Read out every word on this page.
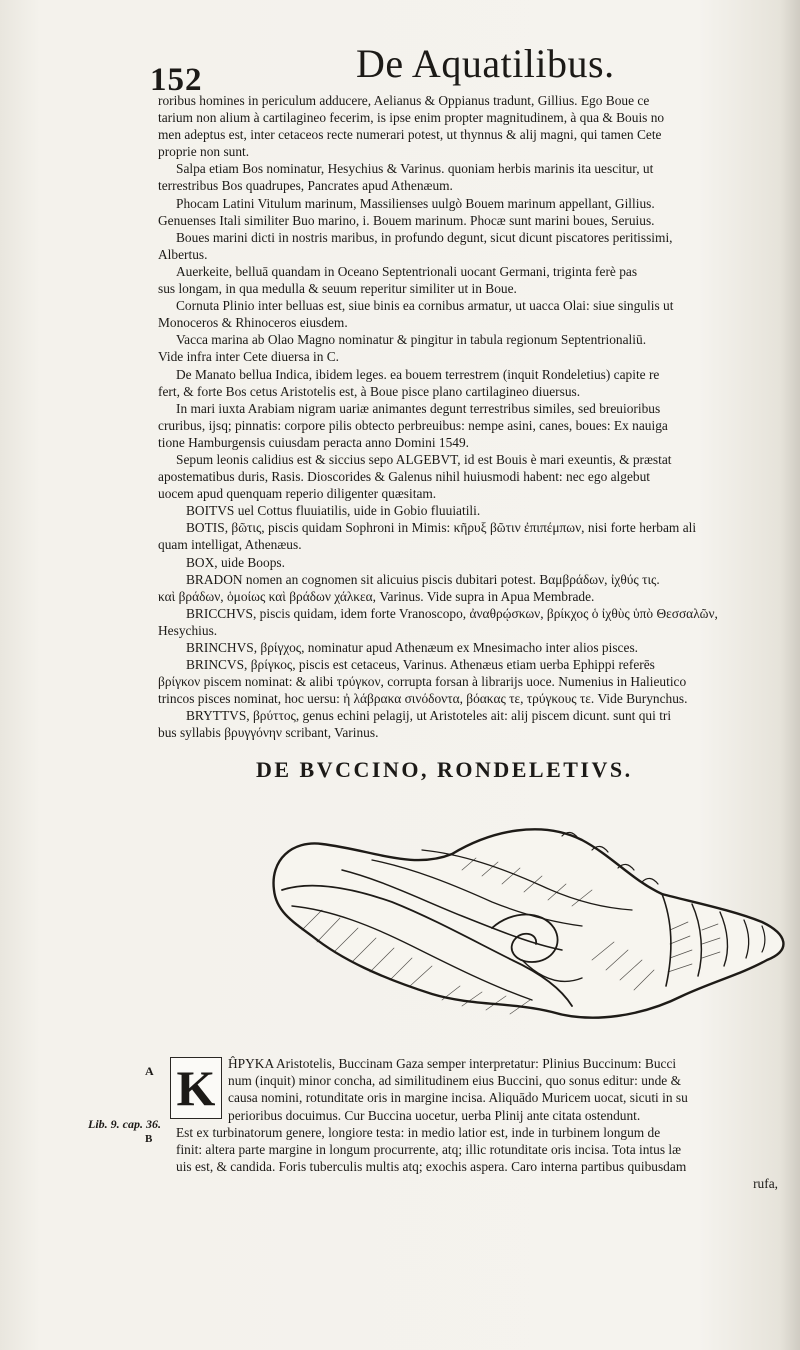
152	De Aquatilibus.
roribus homines in periculum adducere, Aelianus & Oppianus tradunt, Gillius. Ego Boue ce
tarium non alium à cartilagineo fecerim, is ipse enim propter magnitudinem, à qua & Bouis no
men adeptus est, inter cetaceos recte numerari potest, ut thynnus & alij magni, qui tamen Cete
proprie non sunt.
Salpa etiam Bos nominatur, Hesychius & Varinus. quoniam herbis marinis ita uescitur, ut
terrestribus Bos quadrupes, Pancrates apud Athenæum.
Phocam Latini Vitulum marinum, Massilienses uulgò Bouem marinum appellant, Gillius.
Genuenses Itali similiter Buo marino, i. Bouem marinum. Phocæ sunt marini boues, Seruius.
Boues marini dicti in nostris maribus, in profundo degunt, sicut dicunt piscatores peritissimi,
Albertus.
Auerkeite, belluā quandam in Oceano Septentrionali uocant Germani, triginta ferè pas
sus longam, in qua medulla & seuum reperitur similiter ut in Boue.
Cornuta Plinio inter belluas est, siue binis ea cornibus armatur, ut uacca Olai: siue singulis ut
Monoceros & Rhinoceros eiusdem.
Vacca marina ab Olao Magno nominatur & pingitur in tabula regionum Septentrionaliū.
Vide infra inter Cete diuersa in C.
De Manato bellua Indica, ibidem leges. ea bouem terrestrem (inquit Rondeletius) capite re
fert, & forte Bos cetus Aristotelis est, à Boue pisce plano cartilagineo diuersus.
In mari iuxta Arabiam nigram uariæ animantes degunt terrestribus similes, sed breuioribus
cruribus, ijsq; pinnatis: corpore pilis obtecto perbreuibus: nempe asini, canes, boues: Ex nauiga
tione Hamburgensis cuiusdam peracta anno Domini 1549.
Sepum leonis calidius est & siccius sepo ALGEBVT, id est Bouis è mari exeuntis, & præstat
apostematibus duris, Rasis. Dioscorides & Galenus nihil huiusmodi habent: nec ego algebut
uocem apud quenquam reperio diligenter quæsitam.
BOITVS uel Cottus fluuiatilis, uide in Gobio fluuiatili.
BOTIS, βῶτις, piscis quidam Sophroni in Mimis: κῆρυξ βῶτιν ἐπιπέμπων, nisi forte herbam ali
quam intelligat, Athenæus.
BOX, uide Boops.
BRADON nomen an cognomen sit alicuius piscis dubitari potest. Βαμβράδων, ἰχθύς τις.
καὶ βράδων, ὁμοίως καὶ βράδων χάλκεα, Varinus. Vide supra in Apua Membrade.
BRICCHVS, piscis quidam, idem forte Vranoscopo, ἀναθρῴσκων, βρίκχος ὁ ἰχθὺς ὑπὸ Θεσσαλῶν,
Hesychius.
BRINCHVS, βρίγχος, nominatur apud Athenæum ex Mnesimacho inter alios pisces.
BRINCVS, βρίγκος, piscis est cetaceus, Varinus. Athenæus etiam uerba Ephippi referēs
βρίγκον piscem nominat: & alibi τρύγκον, corrupta forsan à librarijs uoce. Numenius in Halieutico
trincos pisces nominat, hoc uersu: ἠ λάβρακα σινόδοντα, βόακας τε, τρύγκους τε. Vide Burynchus.
BRYTTVS, βρύττος, genus echini pelagij, ut Aristoteles ait: alij piscem dicunt. sunt qui tri
bus syllabis βρυγγόνην scribant, Varinus.
DE BVCCINO, RONDELETIVS.
K ĤPYKA Aristotelis, Buccinam Gaza semper interpretatur: Plinius Buccinum: Bucci
num (inquit) minor concha, ad similitudinem eius Buccini, quo sonus editur: unde &
causa nomini, rotunditate oris in margine incisa. Aliquādo Muricem uocat, sicuti in su
perioribus docuimus. Cur Buccina uocetur, uerba Plinij ante citata ostendunt.
Est ex turbinatorum genere, longiore testa: in medio latior est, inde in turbinem longum de
finit: altera parte margine in longum procurrente, atq; illic rotunditate oris incisa. Tota intus læ
uis est, & candida. Foris tuberculis multis atq; exochis aspera. Caro interna partibus quibusdam
rufa,
A
Lib. 9. cap. 36.
B
